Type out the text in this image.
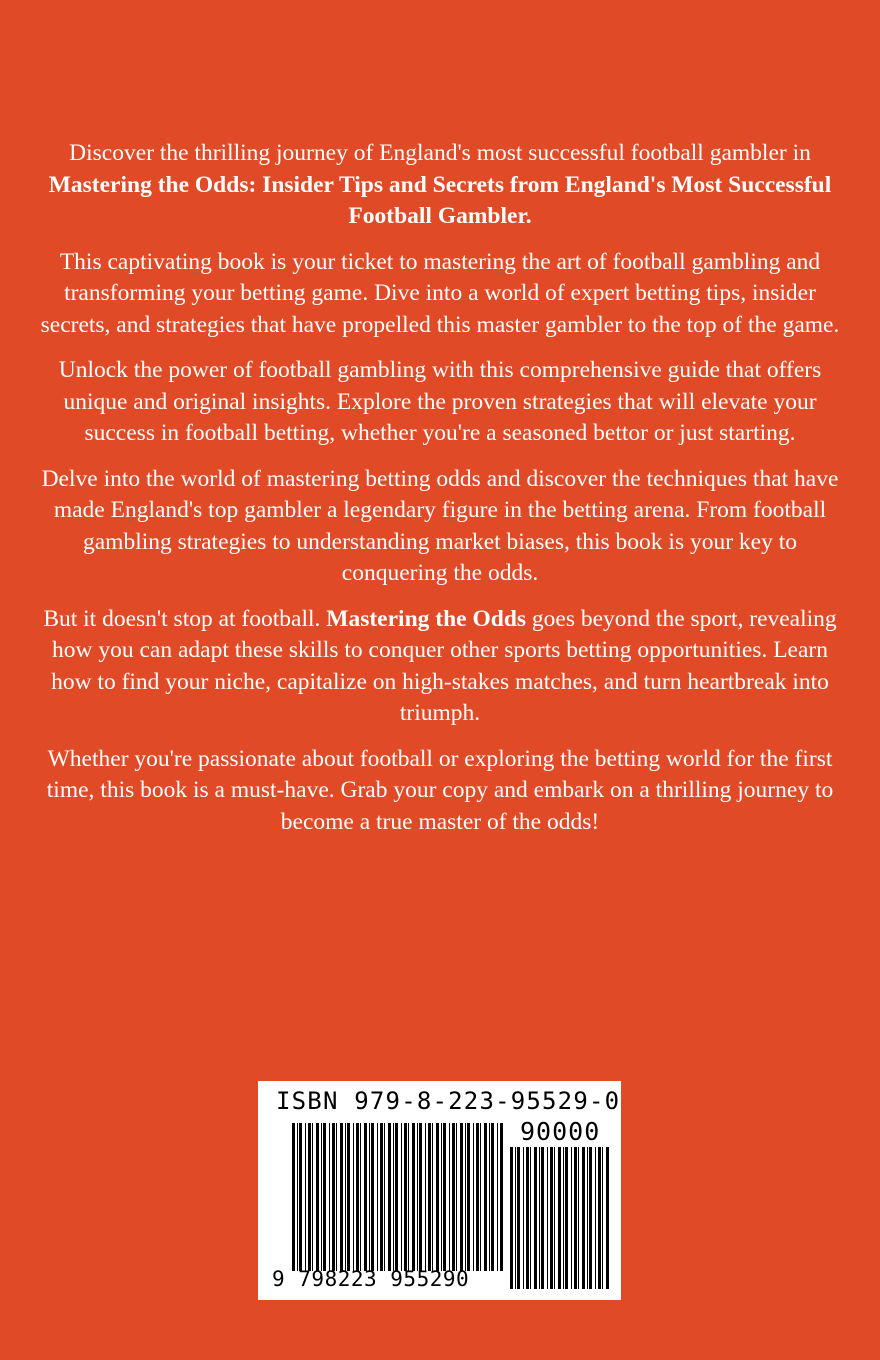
Discover the thrilling journey of England's most successful football gambler in Mastering the Odds: Insider Tips and Secrets from England's Most Successful Football Gambler.

This captivating book is your ticket to mastering the art of football gambling and transforming your betting game. Dive into a world of expert betting tips, insider secrets, and strategies that have propelled this master gambler to the top of the game.

Unlock the power of football gambling with this comprehensive guide that offers unique and original insights. Explore the proven strategies that will elevate your success in football betting, whether you're a seasoned bettor or just starting.

Delve into the world of mastering betting odds and discover the techniques that have made England's top gambler a legendary figure in the betting arena. From football gambling strategies to understanding market biases, this book is your key to conquering the odds.

But it doesn't stop at football. Mastering the Odds goes beyond the sport, revealing how you can adapt these skills to conquer other sports betting opportunities. Learn how to find your niche, capitalize on high-stakes matches, and turn heartbreak into triumph.

Whether you're passionate about football or exploring the betting world for the first time, this book is a must-have. Grab your copy and embark on a thrilling journey to become a true master of the odds!

ISBN 979-8-223-95529-0
90000
9 798223 955290
